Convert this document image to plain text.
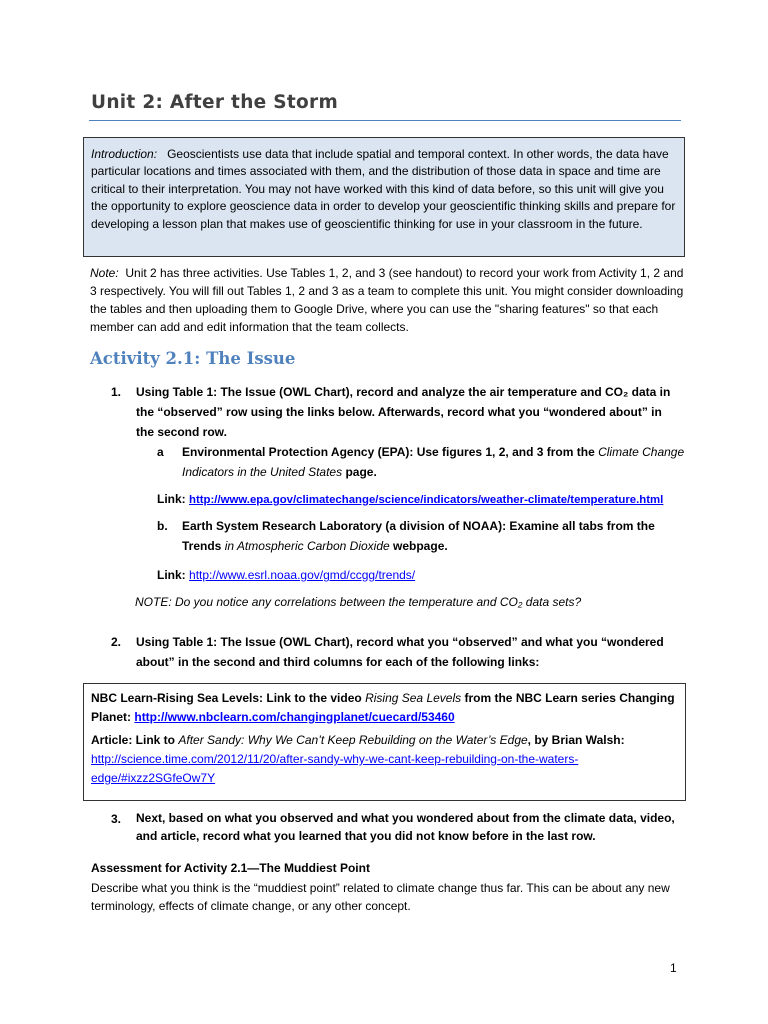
Unit 2: After the Storm
Introduction: Geoscientists use data that include spatial and temporal context. In other words, the data have particular locations and times associated with them, and the distribution of those data in space and time are critical to their interpretation. You may not have worked with this kind of data before, so this unit will give you the opportunity to explore geoscience data in order to develop your geoscientific thinking skills and prepare for developing a lesson plan that makes use of geoscientific thinking for use in your classroom in the future.

Note: Unit 2 has three activities. Use Tables 1, 2, and 3 (see handout) to record your work from Activity 1, 2 and 3 respectively. You will fill out Tables 1, 2 and 3 as a team to complete this unit. You might consider downloading the tables and then uploading them to Google Drive, where you can use the "sharing features" so that each member can add and edit information that the team collects.

Activity 2.1: The Issue
1. Using Table 1: The Issue (OWL Chart), record and analyze the air temperature and CO₂ data in
the “observed” row using the links below. Afterwards, record what you “wondered about” in
the second row.
a Environmental Protection Agency (EPA): Use figures 1, 2, and 3 from the Climate Change
Indicators in the United States page.
Link: http://www.epa.gov/climatechange/science/indicators/weather-climate/temperature.html
b. Earth System Research Laboratory (a division of NOAA): Examine all tabs from the
Trends in Atmospheric Carbon Dioxide webpage.
Link: http://www.esrl.noaa.gov/gmd/ccgg/trends/
NOTE: Do you notice any correlations between the temperature and CO₂ data sets?
2. Using Table 1: The Issue (OWL Chart), record what you “observed” and what you “wondered
about” in the second and third columns for each of the following links:

NBC Learn-Rising Sea Levels: Link to the video Rising Sea Levels from the NBC Learn series Changing
Planet: http://www.nbclearn.com/changingplanet/cuecard/53460

Article: Link to After Sandy: Why We Can’t Keep Rebuilding on the Water’s Edge, by Brian Walsh:
http://science.time.com/2012/11/20/after-sandy-why-we-cant-keep-rebuilding-on-the-waters-
edge/#ixzz2SGfeOw7Y

3. Next, based on what you observed and what you wondered about from the climate data, video,
and article, record what you learned that you did not know before in the last row.
Assessment for Activity 2.1—The Muddiest Point
Describe what you think is the “muddiest point” related to climate change thus far. This can be about any new terminology, effects of climate change, or any other concept.
1
